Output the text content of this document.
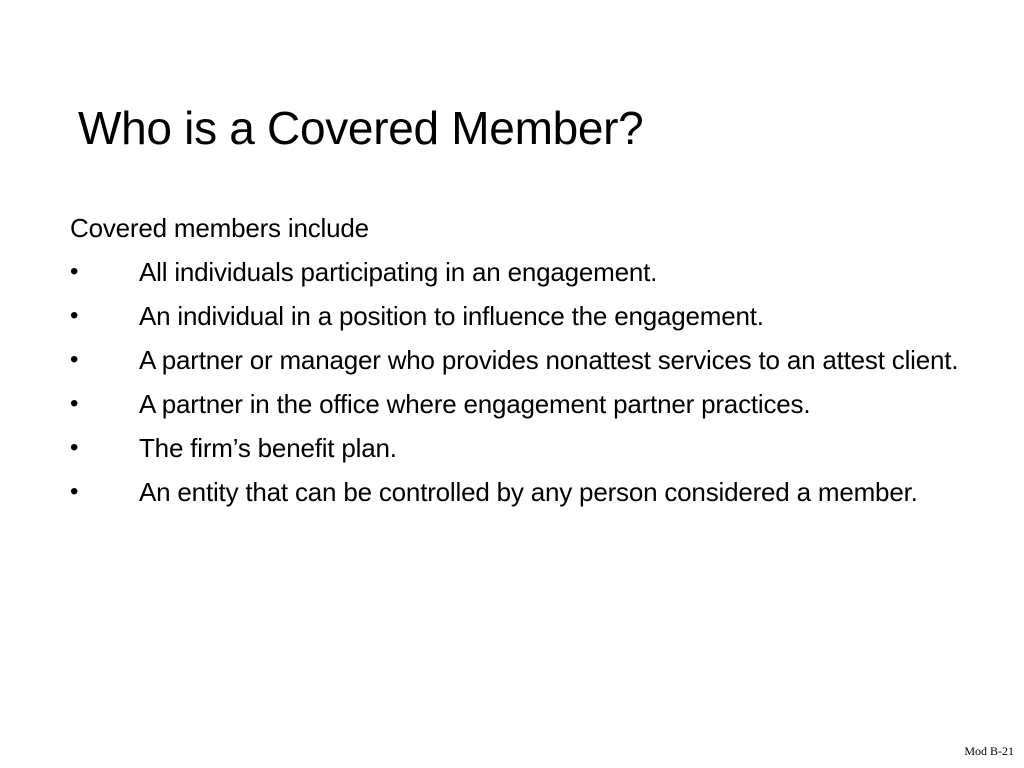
Who is a Covered Member?
Covered members include
•	All individuals participating in an engagement.
•	An individual in a position to influence the engagement.
•	A partner or manager who provides nonattest services to an attest client.
•	A partner in the office where engagement partner practices.
•	The firm’s benefit plan.
•	An entity that can be controlled by any person considered a member.
Mod B-21
